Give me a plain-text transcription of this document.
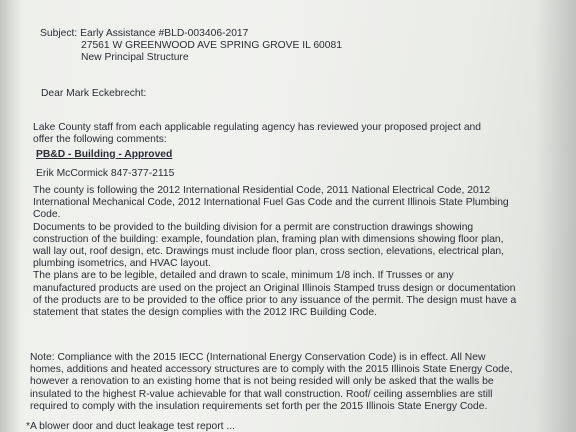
Subject: Early Assistance #BLD-003406-2017
27561 W GREENWOOD AVE SPRING GROVE IL 60081
New Principal Structure
Dear Mark Eckebrecht:
Lake County staff from each applicable regulating agency has reviewed your proposed project and
offer the following comments:
PB&D - Building - Approved
Erik McCormick 847-377-2115
The county is following the 2012 International Residential Code, 2011 National Electrical Code, 2012
International Mechanical Code, 2012 International Fuel Gas Code and the current Illinois State Plumbing
Code.
Documents to be provided to the building division for a permit are construction drawings showing
construction of the building: example, foundation plan, framing plan with dimensions showing floor plan,
wall lay out, roof design, etc. Drawings must include floor plan, cross section, elevations, electrical plan,
plumbing isometrics, and HVAC layout.
The plans are to be legible, detailed and drawn to scale, minimum 1/8 inch. If Trusses or any
manufactured products are used on the project an Original Illinois Stamped truss design or documentation
of the products are to be provided to the office prior to any issuance of the permit. The design must have a
statement that states the design complies with the 2012 IRC Building Code.
Note: Compliance with the 2015 IECC (International Energy Conservation Code) is in effect. All New
homes, additions and heated accessory structures are to comply with the 2015 Illinois State Energy Code,
however a renovation to an existing home that is not being resided will only be asked that the walls be
insulated to the highest R-value achievable for that wall construction. Roof/ ceiling assemblies are still
required to comply with the insulation requirements set forth per the 2015 Illinois State Energy Code.
*A blower door and duct leakage test report ...
